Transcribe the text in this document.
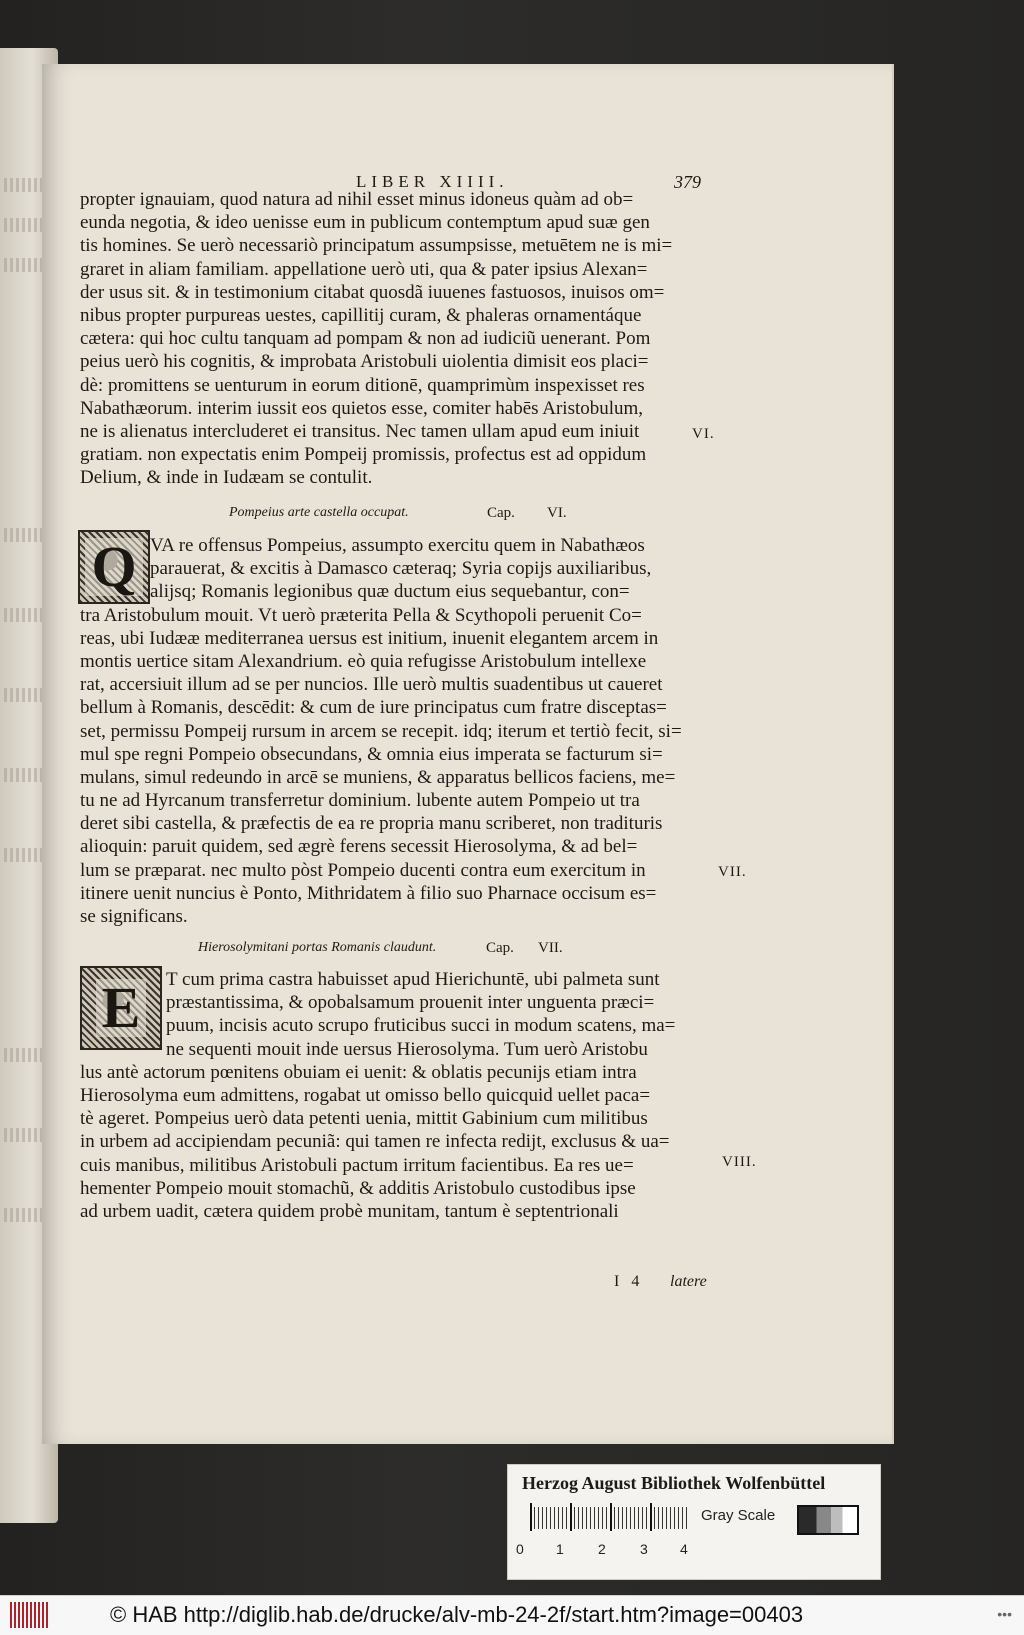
LIBER XIIII.	379
propter ignauiam, quod natura ad nihil esset minus idoneus quàm ad ob=
eunda negotia, & ideo uenisse eum in publicum contemptum apud suæ gen
tis homines. Se uerò necessariò principatum assumpsisse, metuētem ne is mi=
graret in aliam familiam. appellatione uerò uti, qua & pater ipsius Alexan=
der usus sit. & in testimonium citabat quosdã iuuenes fastuosos, inuisos om=
nibus propter purpureas uestes, capillitij curam, & phaleras ornamentáque
cætera: qui hoc cultu tanquam ad pompam & non ad iudiciũ uenerant. Pom
peius uerò his cognitis, & improbata Aristobuli uiolentia dimisit eos placi=
dè: promittens se uenturum in eorum ditionē, quamprimùm inspexisset res
Nabathæorum. interim iussit eos quietos esse, comiter habēs Aristobulum,
ne is alienatus intercluderet ei transitus. Nec tamen ullam apud eum iniuit
gratiam. non expectatis enim Pompeij promissis, profectus est ad oppidum
Delium, & inde in Iudæam se contulit.
VI.
Pompeius arte castella occupat.	Cap. VI.
Q VA re offensus Pompeius, assumpto exercitu quem in Nabathæos
parauerat, & excitis à Damasco cæteraq; Syria copijs auxiliaribus,
alijsq; Romanis legionibus quæ ductum eius sequebantur, con=
tra Aristobulum mouit. Vt uerò præterita Pella & Scythopoli peruenit Co=
reas, ubi Iudææ mediterranea uersus est initium, inuenit elegantem arcem in
montis uertice sitam Alexandrium. eò quia refugisse Aristobulum intellexe
rat, accersiuit illum ad se per nuncios. Ille uerò multis suadentibus ut caueret
bellum à Romanis, descēdit: & cum de iure principatus cum fratre disceptas=
set, permissu Pompeij rursum in arcem se recepit. idq; iterum et tertiò fecit, si=
mul spe regni Pompeio obsecundans, & omnia eius imperata se facturum si=
mulans, simul redeundo in arcē se muniens, & apparatus bellicos faciens, me=
tu ne ad Hyrcanum transferretur dominium. lubente autem Pompeio ut tra
deret sibi castella, & præfectis de ea re propria manu scriberet, non tradituris
alioquin: paruit quidem, sed ægrè ferens secessit Hierosolyma, & ad bel=
lum se præparat. nec multo pòst Pompeio ducenti contra eum exercitum in
itinere uenit nuncius è Ponto, Mithridatem à filio suo Pharnace occisum es=
se significans.
VII.
Hierosolymitani portas Romanis claudunt.	Cap. VII.
E	T cum prima castra habuisset apud Hierichuntē, ubi palmeta sunt
præstantissima, & opobalsamum prouenit inter unguenta præci=
puum, incisis acuto scrupo fruticibus succi in modum scatens, ma=
ne sequenti mouit inde uersus Hierosolyma. Tum uerò Aristobu
lus antè actorum pœnitens obuiam ei uenit: & oblatis pecunijs etiam intra
Hierosolyma eum admittens, rogabat ut omisso bello quicquid uellet paca=
tè ageret. Pompeius uerò data petenti uenia, mittit Gabinium cum militibus
in urbem ad accipiendam pecuniã: qui tamen re infecta redijt, exclusus & ua=
cuis manibus, militibus Aristobuli pactum irritum facientibus. Ea res ue=
hementer Pompeio mouit stomachũ, & additis Aristobulo custodibus ipse
ad urbem uadit, cætera quidem probè munitam, tantum è septentrionali
VIII.
I 4 latere
Herzog August Bibliothek Wolfenbüttel
0 1 2 3 4
Gray Scale
© HAB http://diglib.hab.de/drucke/alv-mb-24-2f/start.htm?image=00403	•••
